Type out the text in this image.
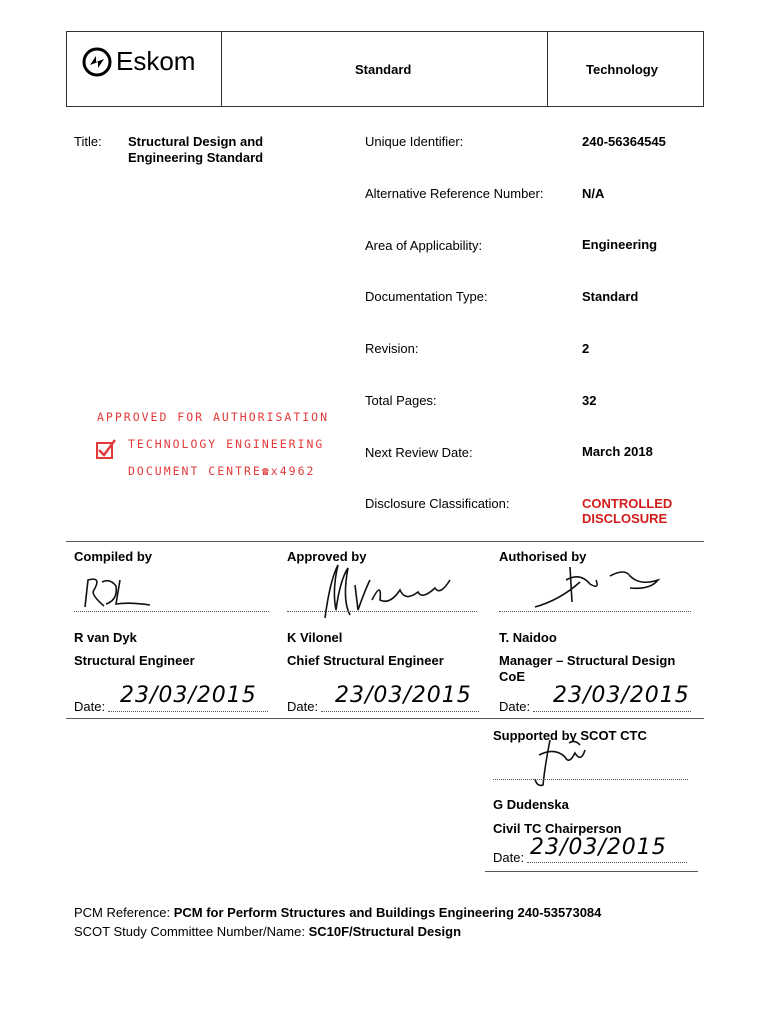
Eskom	Standard	Technology
Title: Structural Design and
Engineering Standard
Unique Identifier:	240-56364545
Alternative Reference Number:	N/A
Area of Applicability:	Engineering
Documentation Type:	Standard
Revision:	2
Total Pages:	32
Next Review Date:	March 2018
Disclosure Classification:	CONTROLLED
DISCLOSURE
APPROVED FOR AUTHORISATION
TECHNOLOGY ENGINEERING
DOCUMENT CENTRE☎x4962
Compiled by
R van Dyk
Structural Engineer
Date: 23/03/2015
Approved by
K Vilonel
Chief Structural Engineer
Date: 23/03/2015
Authorised by
T. Naidoo
Manager – Structural Design
CoE
Date: 23/03/2015
Supported by SCOT CTC
G Dudenska
Civil TC Chairperson
Date: 23/03/2015
PCM Reference: PCM for Perform Structures and Buildings Engineering 240-53573084
SCOT Study Committee Number/Name: SC10F/Structural Design
